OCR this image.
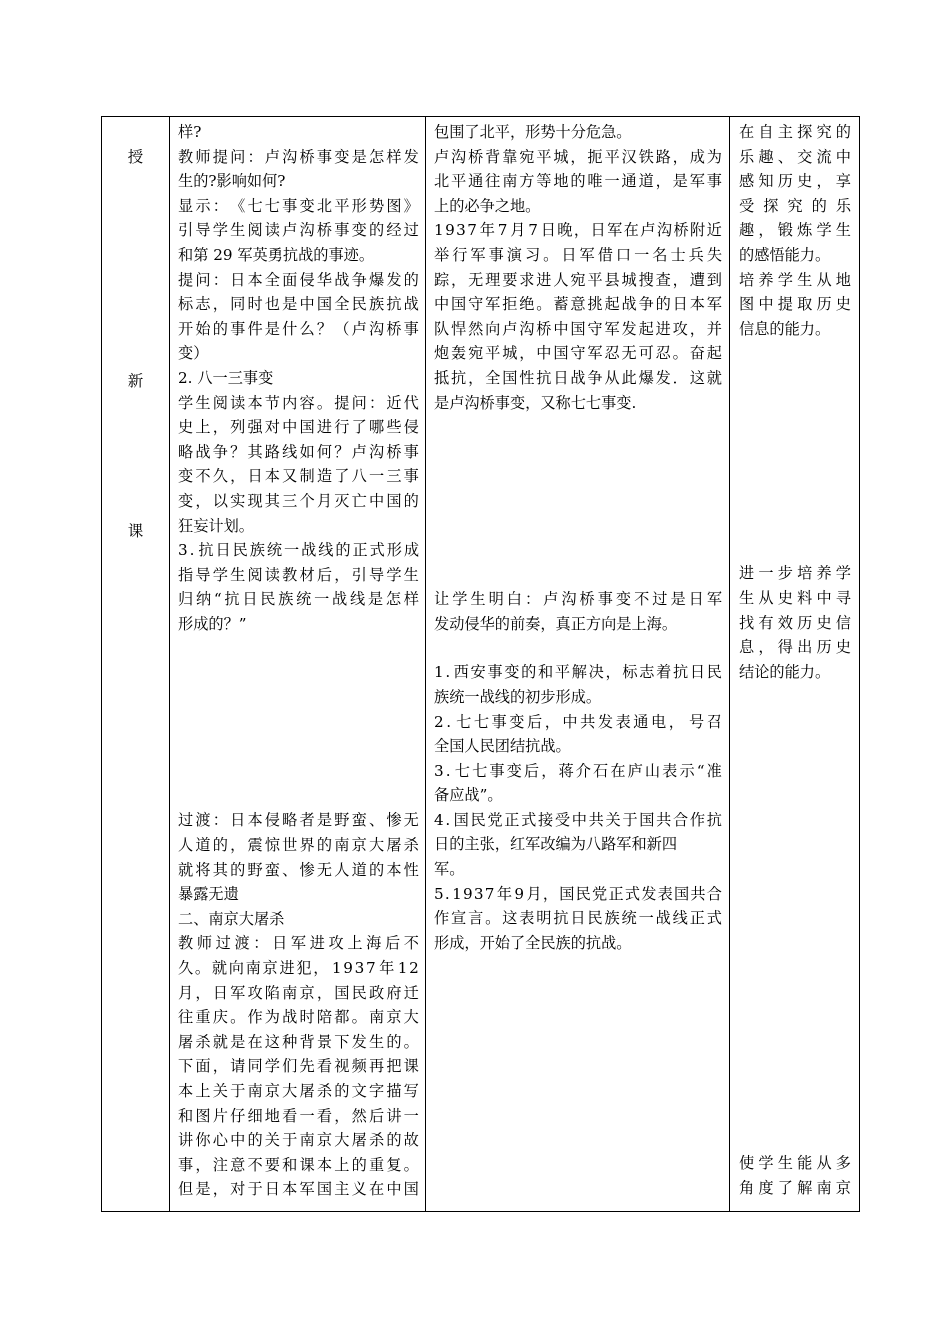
授
新
课
样?
教 师 提 问 ： 卢 沟 桥 事 变 是 怎 样 发
生的?影响如何?
显 示 ： 《 七 七 事 变 北 平 形 势 图 》
引 导 学 生 阅 读 卢 沟 桥 事 变 的 经 过
和第 29 军英勇抗战的事迹。
提 问 ： 日 本 全 面 侵 华 战 争 爆 发 的
标 志 ， 同 时 也 是 中 国 全 民 族 抗 战
开 始 的 事 件 是 什 么 ？ （ 卢 沟 桥 事
变）
2. 八一三事变
学 生 阅 读 本 节 内 容 。 提 问 ： 近 代
史 上 ， 列 强 对 中 国 进 行 了 哪 些 侵
略 战 争 ？ 其 路 线 如 何 ？ 卢 沟 桥 事
变 不 久 ， 日 本 又 制 造 了 八 一 三 事
变 ， 以 实 现 其 三 个 月 灭 亡 中 国 的
狂妄计划。
3 . 抗 日 民 族 统 一 战 线 的 正 式 形 成
指 导 学 生 阅 读 教 材 后 ， 引 导 学 生
归 纳 “ 抗 日 民 族 统 一 战 线 是 怎 样
形成的？”
过 渡 ： 日 本 侵 略 者 是 野 蛮 、 惨 无
人 道 的 ， 震 惊 世 界 的 南 京 大 屠 杀
就 将 其 的 野 蛮 、 惨 无 人 道 的 本 性
暴露无遗
二、南京大屠杀
教 师 过 渡 ： 日 军 进 攻 上 海 后 不
久 。 就 向 南 京 进 犯 ， 1 9 3 7 年 1 2
月 ， 日 军 攻 陷 南 京 ， 国 民 政 府 迁
往 重 庆 。 作 为 战 时 陪 都 。 南 京 大
屠 杀 就 是 在 这 种 背 景 下 发 生 的 。
下 面 ， 请 同 学 们 先 看 视 频 再 把 课
本 上 关 于 南 京 大 屠 杀 的 文 字 描 写
和 图 片 仔 细 地 看 一 看 ， 然 后 讲 一
讲 你 心 中 的 关 于 南 京 大 屠 杀 的 故
事 ， 注 意 不 要 和 课 本 上 的 重 复 。
但 是 ， 对 于 日 本 军 国 主 义 在 中 国
包围了北平，形势十分危急。
卢 沟 桥 背 靠 宛 平 城 ， 扼 平 汉 铁 路 ， 成 为
北 平 通 往 南 方 等 地 的 唯 一 通 道 ， 是 军 事
上的必争之地。
1 9 3 7 年 7 月 7 日 晚 ， 日 军 在 卢 沟 桥 附 近
举 行 军 事 演 习 。 日 军 借 口 一 名 士 兵 失
踪 ， 无 理 要 求 进 人 宛 平 县 城 搜 查 ， 遭 到
中 国 守 军 拒 绝 。 蓄 意 挑 起 战 争 的 日 本 军
队 悍 然 向 卢 沟 桥 中 国 守 军 发 起 进 攻 ， 并
炮 轰 宛 平 城 ， 中 国 守 军 忍 无 可 忍 。 奋 起
抵 抗 ， 全 国 性 抗 日 战 争 从 此 爆 发 ． 这 就
是卢沟桥事变，又称七七事变.
让 学 生 明 白 ： 卢 沟 桥 事 变 不 过 是 日 军
发动侵华的前奏，真正方向是上海。
1 . 西 安 事 变 的 和 平 解 决 ， 标 志 着 抗 日 民
族统一战线的初步形成。
2 . 七 七 事 变 后 ， 中 共 发 表 通 电 ， 号 召
全国人民团结抗战。
3 . 七 七 事 变 后 ， 蒋 介 石 在 庐 山 表 示 “ 准
备应战”。
4 . 国 民 党 正 式 接 受 中 共 关 于 国 共 合 作 抗
日的主张，红军改编为八路军和新四
军。
5 . 1 9 3 7 年 9 月 ， 国 民 党 正 式 发 表 国 共 合
作 宣 言 。 这 表 明 抗 日 民 族 统 一 战 线 正 式
形成，开始了全民族的抗战。
在 自 主 探 究 的
乐 趣 、 交 流 中
感 知 历 史 ， 享
受 探 究 的 乐
趣 ， 锻 炼 学 生
的感悟能力。
培 养 学 生 从 地
图 中 提 取 历 史
信息的能力。
进 一 步 培 养 学
生 从 史 料 中 寻
找 有 效 历 史 信
息 ， 得 出 历 史
结论的能力。
使 学 生 能 从 多
角 度 了 解 南 京
